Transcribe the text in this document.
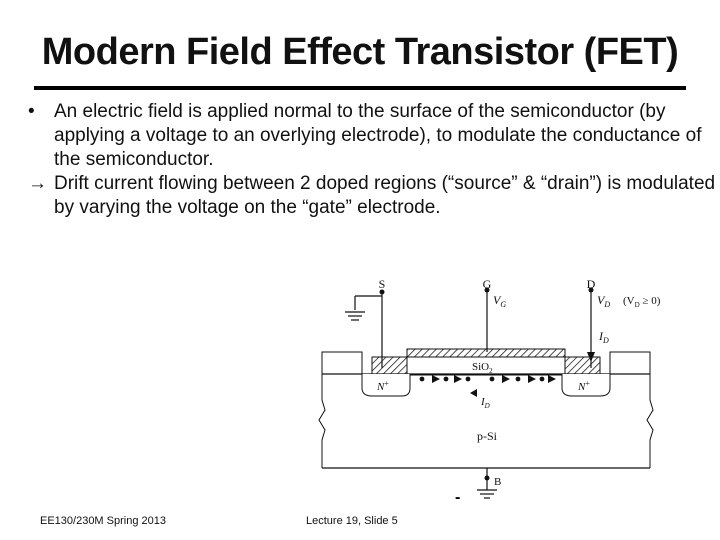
Modern Field Effect Transistor (FET)
•	An electric field is applied normal to the surface of the semiconductor (by applying a voltage to an overlying electrode), to modulate the conductance of the semiconductor.
→ Drift current flowing between 2 doped regions (“source” & “drain”) is modulated by varying the voltage on the “gate” electrode.
S	G	D
$V_G$	$V_D$ $(V_D \ge 0)$
$I_D$
SiO$_2$
N+	N+
$I_D$
p-Si
B
-
EE130/230M Spring 2013	Lecture 19, Slide 5
